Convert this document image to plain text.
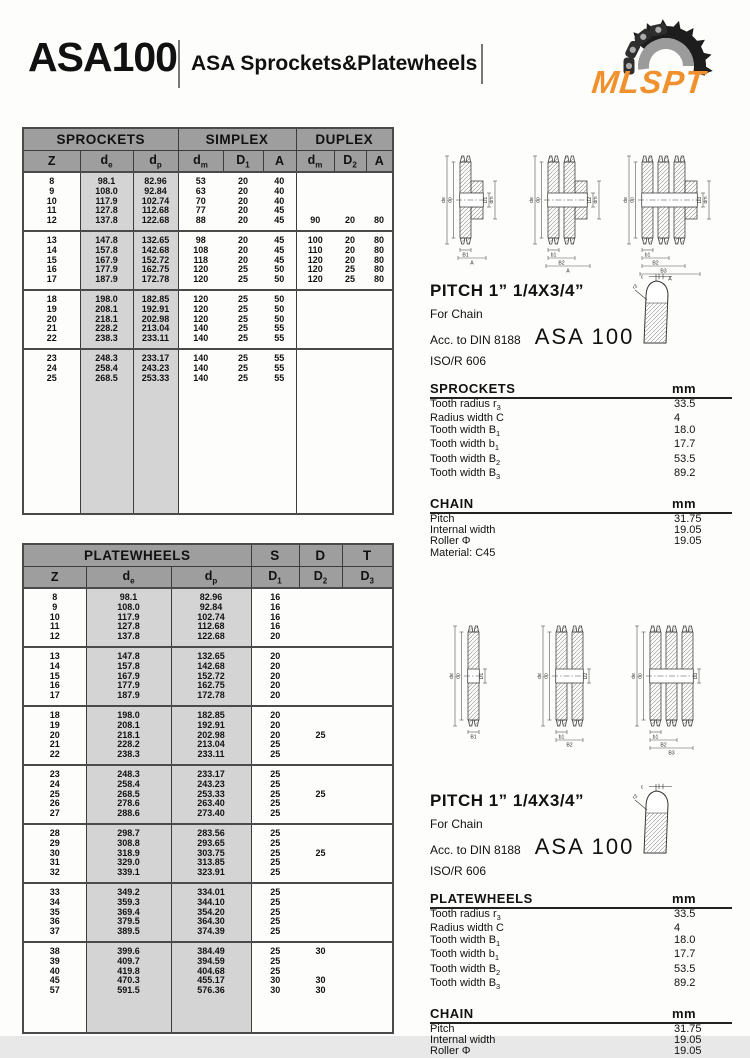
ASA100 ASA Sprockets&Platewheels
MLSPT
SPROCKETS			SIMPLEX			DUPLEX		
Z	$d_e$	$d_p$	$d_m$	$D_1$	A	$d_m$	$D_2$	A
8	98.1	82.96	53	20	40			
9	108.0	92.84	63	20	40			
10	117.9	102.74	70	20	40			
11	127.8	112.68	77	20	45			
12	137.8	122.68	88	20	45	90	20	80
13	147.8	132.65	98	20	45	100	20	80
14	157.8	142.68	108	20	45	110	20	80
15	167.9	152.72	118	20	45	120	20	80
16	177.9	162.75	120	25	50	120	25	80
17	187.9	172.78	120	25	50	120	25	80
18	198.0	182.85	120	25	50			
19	208.1	192.91	120	25	50			
20	218.1	202.98	120	25	50			
21	228.2	213.04	140	25	55			
22	238.3	233.11	140	25	55			
23	248.3	233.17	140	25	55			
24	258.4	243.23	140	25	55			
25	268.5	253.33	140	25	55			

PLATEWHEELS			S	D	T
Z	$d_e$	$d_p$	$D_1$	$D_2$	$D_3$
8	98.1	82.96	16		
9	108.0	92.84	16		
10	117.9	102.74	16		
11	127.8	112.68	16		
12	137.8	122.68	20		
13	147.8	132.65	20		
14	157.8	142.68	20		
15	167.9	152.72	20		
16	177.9	162.75	20		
17	187.9	172.78	20		
18	198.0	182.85	20		
19	208.1	192.91	20		
20	218.1	202.98	20	25	
21	228.2	213.04	25		
22	238.3	233.11	25		
23	248.3	233.17	25		
24	258.4	243.23	25		
25	268.5	253.33	25	25	
26	278.6	263.40	25		
27	288.6	273.40	25		
28	298.7	283.56	25		
29	308.8	293.65	25		
30	318.9	303.75	25	25	
31	329.0	313.85	25		
32	339.1	323.91	25		
33	349.2	334.01	25		
34	359.3	344.10	25		
35	369.4	354.20	25		
36	379.5	364.30	25		
37	389.5	374.39	25		
38	399.6	384.49	25	30	
39	409.7	394.59	25		
40	419.8	404.68	25		
45	470.3	455.17	30	30	
57	591.5	576.36	30	30	

de dp	D1 dm
B1
A
de dp	D2 dm
b1
B2
A
de dp	D3 dm
b1
B2
B3
A
de dp	D1
B1
de dp	D2
b1
B2
de dp	D3
b1
B2
B3
PITCH 1” 1/4X3/4”
For Chain
Acc. to DIN 8188 ASA 100
ISO/R 606
SPROCKETS	mm
Tooth radius $r_3$	33.5
Radius width C	4
Tooth width $B_1$	18.0
Tooth width $b_1$	17.7
Tooth width $B_2$	53.5
Tooth width $B_3$	89.2
CHAIN	mm
Pitch	31.75
Internal width	19.05
Roller Φ	19.05
Material: C45
c
r3
PITCH 1” 1/4X3/4”
For Chain
Acc. to DIN 8188 ASA 100
ISO/R 606
PLATEWHEELS	mm
Tooth radius $r_3$	33.5
Radius width C	4
Tooth width $B_1$	18.0
Tooth width $b_1$	17.7
Tooth width $B_2$	53.5
Tooth width $B_3$	89.2
CHAIN	mm
Pitch	31.75
Internal width	19.05
Roller Φ	19.05
c
r3
